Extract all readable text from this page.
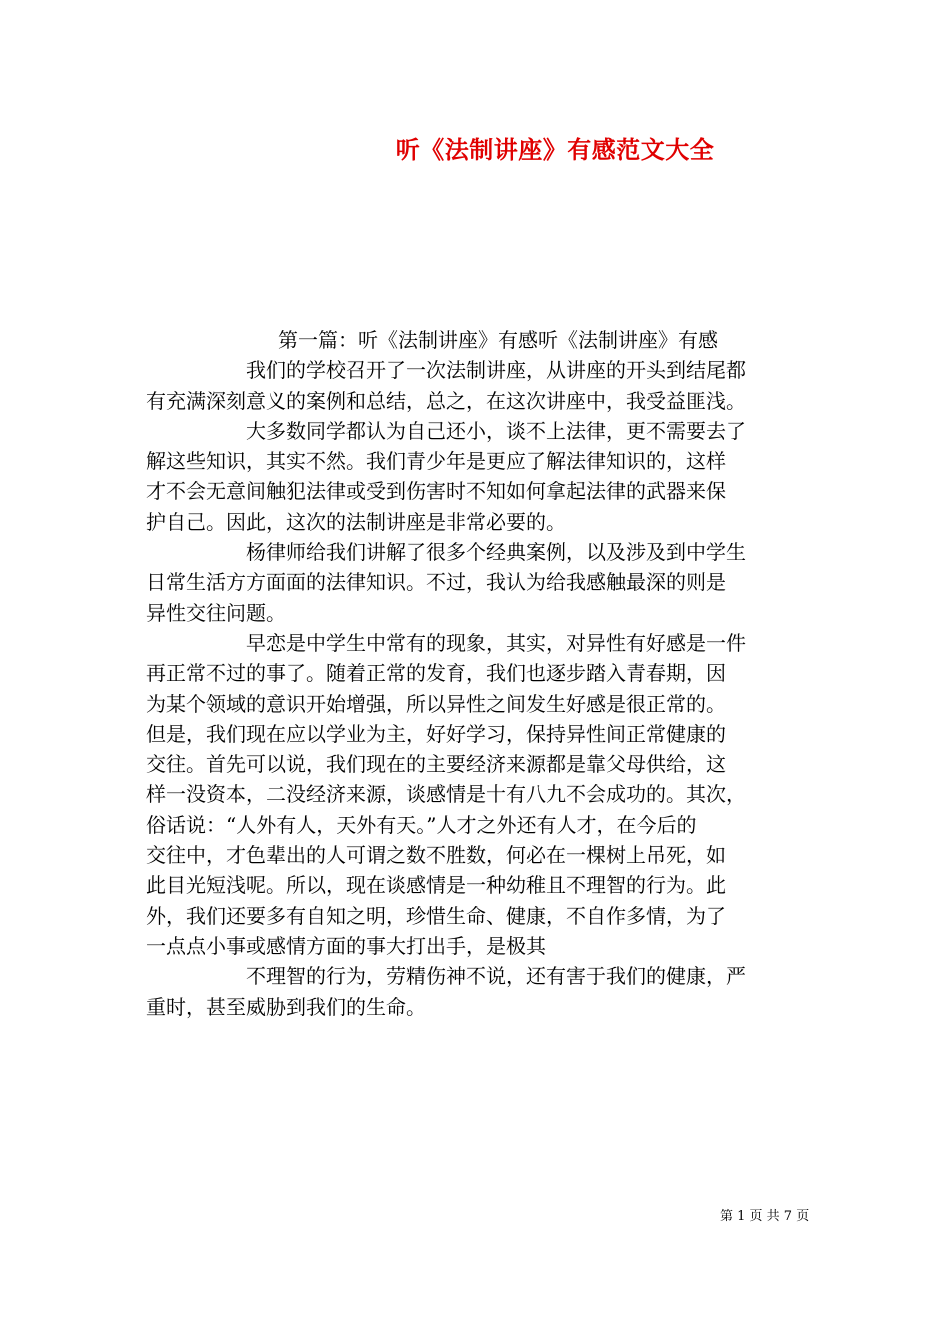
听《法制讲座》有感范文大全
第一篇：听《法制讲座》有感听《法制讲座》有感
我们的学校召开了一次法制讲座，从讲座的开头到结尾都
有充满深刻意义的案例和总结，总之，在这次讲座中，我受益匪浅。
大多数同学都认为自己还小，谈不上法律，更不需要去了
解这些知识，其实不然。我们青少年是更应了解法律知识的，这样
才不会无意间触犯法律或受到伤害时不知如何拿起法律的武器来保
护自己。因此，这次的法制讲座是非常必要的。
杨律师给我们讲解了很多个经典案例，以及涉及到中学生
日常生活方方面面的法律知识。不过，我认为给我感触最深的则是
异性交往问题。
早恋是中学生中常有的现象，其实，对异性有好感是一件
再正常不过的事了。随着正常的发育，我们也逐步踏入青春期，因
为某个领域的意识开始增强，所以异性之间发生好感是很正常的。
但是，我们现在应以学业为主，好好学习，保持异性间正常健康的
交往。首先可以说，我们现在的主要经济来源都是靠父母供给，这
样一没资本，二没经济来源，谈感情是十有八九不会成功的。其次，
俗话说：“人外有人，天外有天。”人才之外还有人才，在今后的
交往中，才色辈出的人可谓之数不胜数，何必在一棵树上吊死，如
此目光短浅呢。所以，现在谈感情是一种幼稚且不理智的行为。此
外，我们还要多有自知之明，珍惜生命、健康，不自作多情，为了
一点点小事或感情方面的事大打出手，是极其
不理智的行为，劳精伤神不说，还有害于我们的健康，严
重时，甚至威胁到我们的生命。
第 1 页 共 7 页
